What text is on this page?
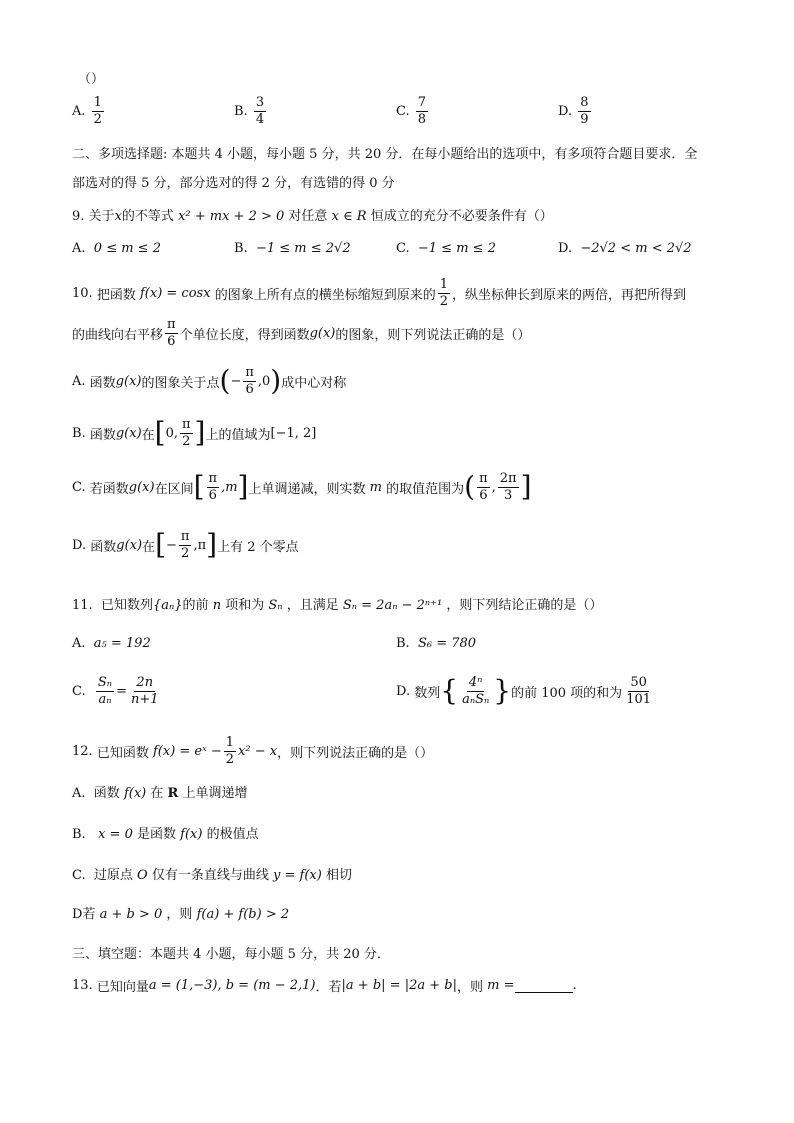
（）
A.
$\frac{1}{2}$	B.
$\frac{3}{4}$	C.
$\frac{7}{8}$	D.
$\frac{8}{9}$
二、多项选择题: 本题共 4 小题，每小题 5 分，共 20 分．在每小题给出的选项中，有多项符合题目要求．全
部选对的得 5 分，部分选对的得 2 分，有选错的得 0 分
9. 关于x的不等式 x² + mx + 2 > 0 对任意 x ∈ R 恒成立的充分不必要条件有（）
A. 0 ≤ m ≤ 2	B. −1 ≤ m ≤ 2√2	C. −1 ≤ m ≤ 2	D. −2√2 < m < 2√2
10.
把函数
f(x) = cosx
的图象上所有点的横坐标缩短到原来的 $\frac{1}{2}$ ，纵坐标伸长到原来的两倍，再把所得到
的曲线向右平移 $\frac{\pi}{6}$ 个单位长度，得到函数 g(x) 的图象，则下列说法正确的是（）
A.
函数 g(x) 的图象关于点 ( − $\frac{\pi}{6} ,0$ ) 成中心对称
B.
函数 g(x) 在 [ 0, $\frac{\pi}{2}$ ] 上的值域为 [−1, 2]
C.
若函数 g(x) 在区间 [ $\frac{\pi}{6} ,m$ ] 上单调递减，则实数
m
的取值范围为 ( $\frac{\pi}{6}$ , $\frac{2\pi}{3}$ ]
D.
函数 g(x) 在 [ − $\frac{\pi}{2} ,\pi$ ] 上有 2 个零点
11. 已知数列{aₙ}的前 n 项和为 Sₙ ，且满足 Sₙ = 2aₙ − 2ⁿ⁺¹ ，则下列结论正确的是（）
A. a₅ = 192	B. S₆ = 780
C.
$\frac{\text{Sₙ}}{\text{aₙ}} = \frac{2n}{n+1}$	D.
数列 { $\frac{\text{4ⁿ}}{\text{aₙSₙ}}$ } 的前 100 项的和为 $\frac{50}{101}$
12.
已知函数
f(x) = eˣ − $\frac{1}{2} x^2 - x$ ，则下列说法正确的是（）
A. 函数 f(x) 在 R 上单调递增
B. x = 0 是函数 f(x) 的极值点
C. 过原点 O 仅有一条直线与曲线 y = f(x) 相切
D若 a + b > 0 ，则 f(a) + f(b) > 2
三、填空题：本题共 4 小题，每小题 5 分，共 20 分．
13.
已知向量 a = (1,−3), b = (m − 2,1) ．若 |a + b|
=
|2a + b| ，则
m =	.
